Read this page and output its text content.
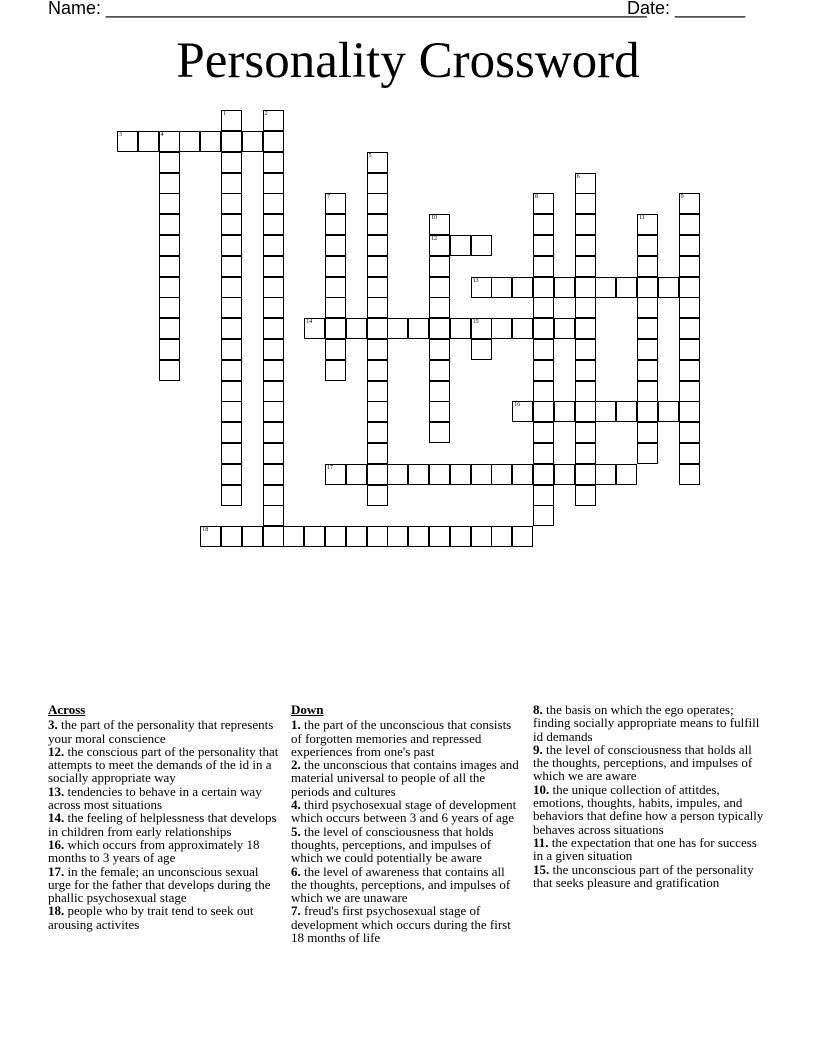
Name: ______________________________________________________
Date: _______
Personality Crossword
3	4
12
13
14	15
16
17
18
1	2
5
6
7	8	9
10	11
Across
3. the part of the personality that represents your moral conscience
12. the conscious part of the personality that attempts to meet the demands of the id in a socially appropriate way
13. tendencies to behave in a certain way across most situations
14. the feeling of helplessness that develops in children from early relationships
16. which occurs from approximately 18 months to 3 years of age
17. in the female; an unconscious sexual urge for the father that develops during the phallic psychosexual stage
18. people who by trait tend to seek out arousing activites
Down
1. the part of the unconscious that consists of forgotten memories and repressed experiences from one's past
2. the unconscious that contains images and material universal to people of all the periods and cultures
4. third psychosexual stage of development which occurs between 3 and 6 years of age
5. the level of consciousness that holds thoughts, perceptions, and impulses of which we could potentially be aware
6. the level of awareness that contains all the thoughts, perceptions, and impulses of which we are unaware
7. freud's first psychosexual stage of development which occurs during the first 18 months of life
8. the basis on which the ego operates; finding socially appropriate means to fulfill id demands
9. the level of consciousness that holds all the thoughts, perceptions, and impulses of which we are aware
10. the unique collection of attitdes, emotions, thoughts, habits, impules, and behaviors that define how a person typically behaves across situations
11. the expectation that one has for success in a given situation
15. the unconscious part of the personality that seeks pleasure and gratification
